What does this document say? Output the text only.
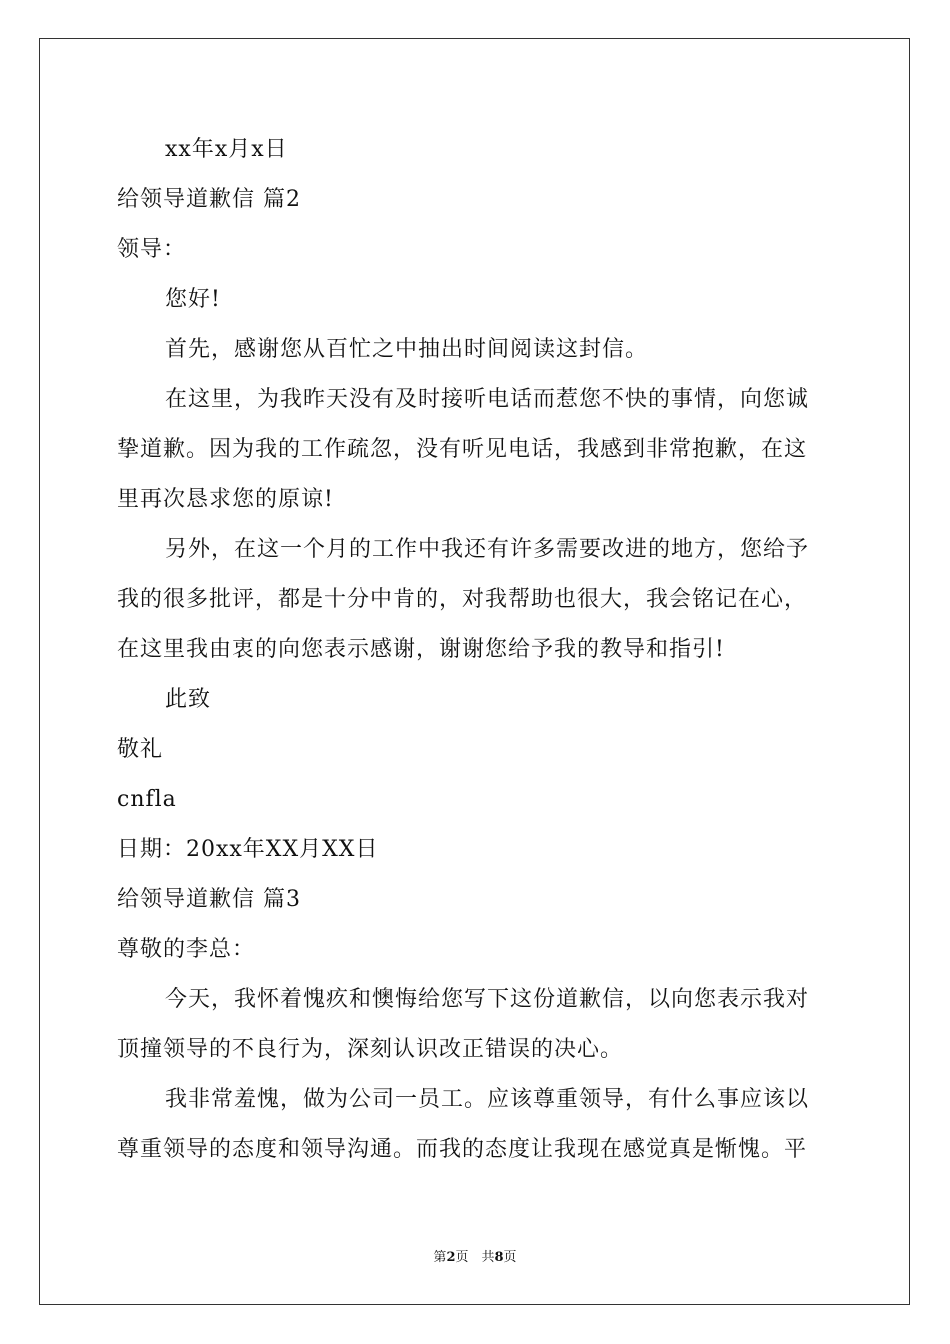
xx年x月x日
给领导道歉信 篇2
领导：
您好!
首先，感谢您从百忙之中抽出时间阅读这封信。
在这里，为我昨天没有及时接听电话而惹您不快的事情，向您诚
挚道歉。因为我的工作疏忽，没有听见电话，我感到非常抱歉，在这
里再次恳求您的原谅!
另外，在这一个月的工作中我还有许多需要改进的地方，您给予
我的很多批评，都是十分中肯的，对我帮助也很大，我会铭记在心，
在这里我由衷的向您表示感谢，谢谢您给予我的教导和指引!
此致
敬礼
cnfla
日期：20xx年XX月XX日
给领导道歉信 篇3
尊敬的李总：
今天，我怀着愧疚和懊悔给您写下这份道歉信，以向您表示我对
顶撞领导的不良行为，深刻认识改正错误的决心。
我非常羞愧，做为公司一员工。应该尊重领导，有什么事应该以
尊重领导的态度和领导沟通。而我的态度让我现在感觉真是惭愧。平
第2页　共8页
